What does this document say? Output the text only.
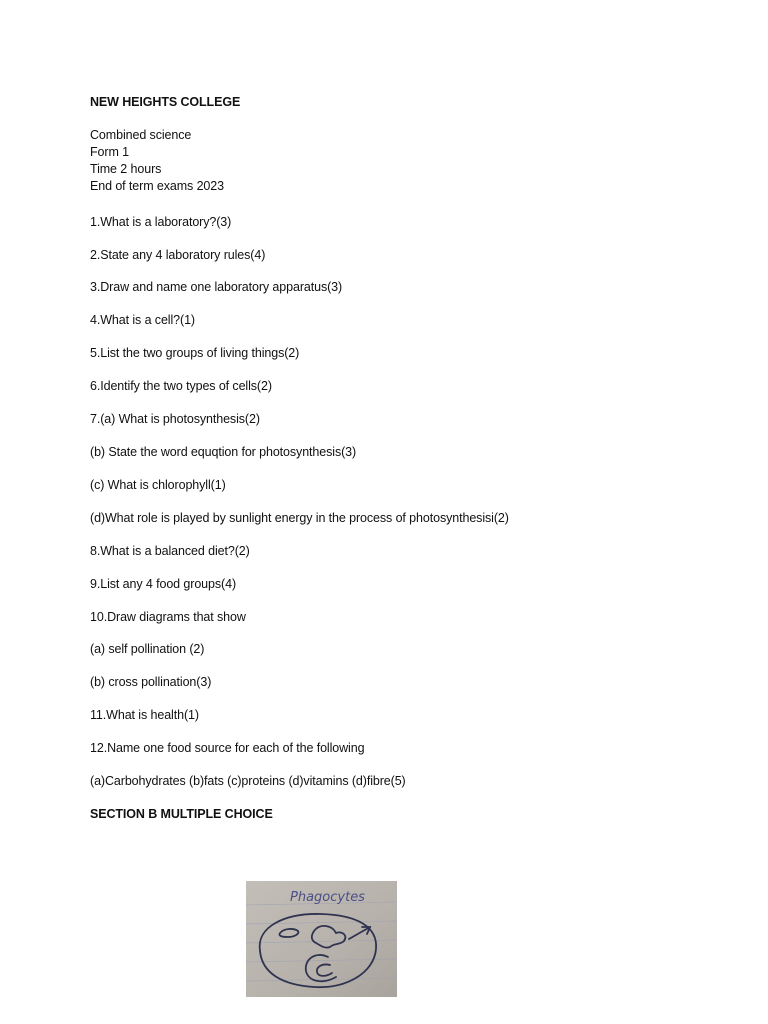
NEW HEIGHTS COLLEGE
Combined science
Form 1
Time 2 hours
End of term exams 2023
1.What is a laboratory?(3)
2.State any 4 laboratory rules(4)
3.Draw and name one laboratory apparatus(3)
4.What is a cell?(1)
5.List the two groups of living things(2)
6.Identify the two types of cells(2)
7.(a) What is photosynthesis(2)
(b) State the word equqtion for photosynthesis(3)
(c) What is chlorophyll(1)
(d)What role is played by sunlight energy in the process of photosynthesisi(2)
8.What is a balanced diet?(2)
9.List any 4 food groups(4)
10.Draw diagrams that show
(a) self pollination (2)
(b) cross pollination(3)
11.What is health(1)
12.Name one food source for each of the following
(a)Carbohydrates (b)fats (c)proteins (d)vitamins (d)fibre(5)
SECTION B MULTIPLE CHOICE
Phagocytes
